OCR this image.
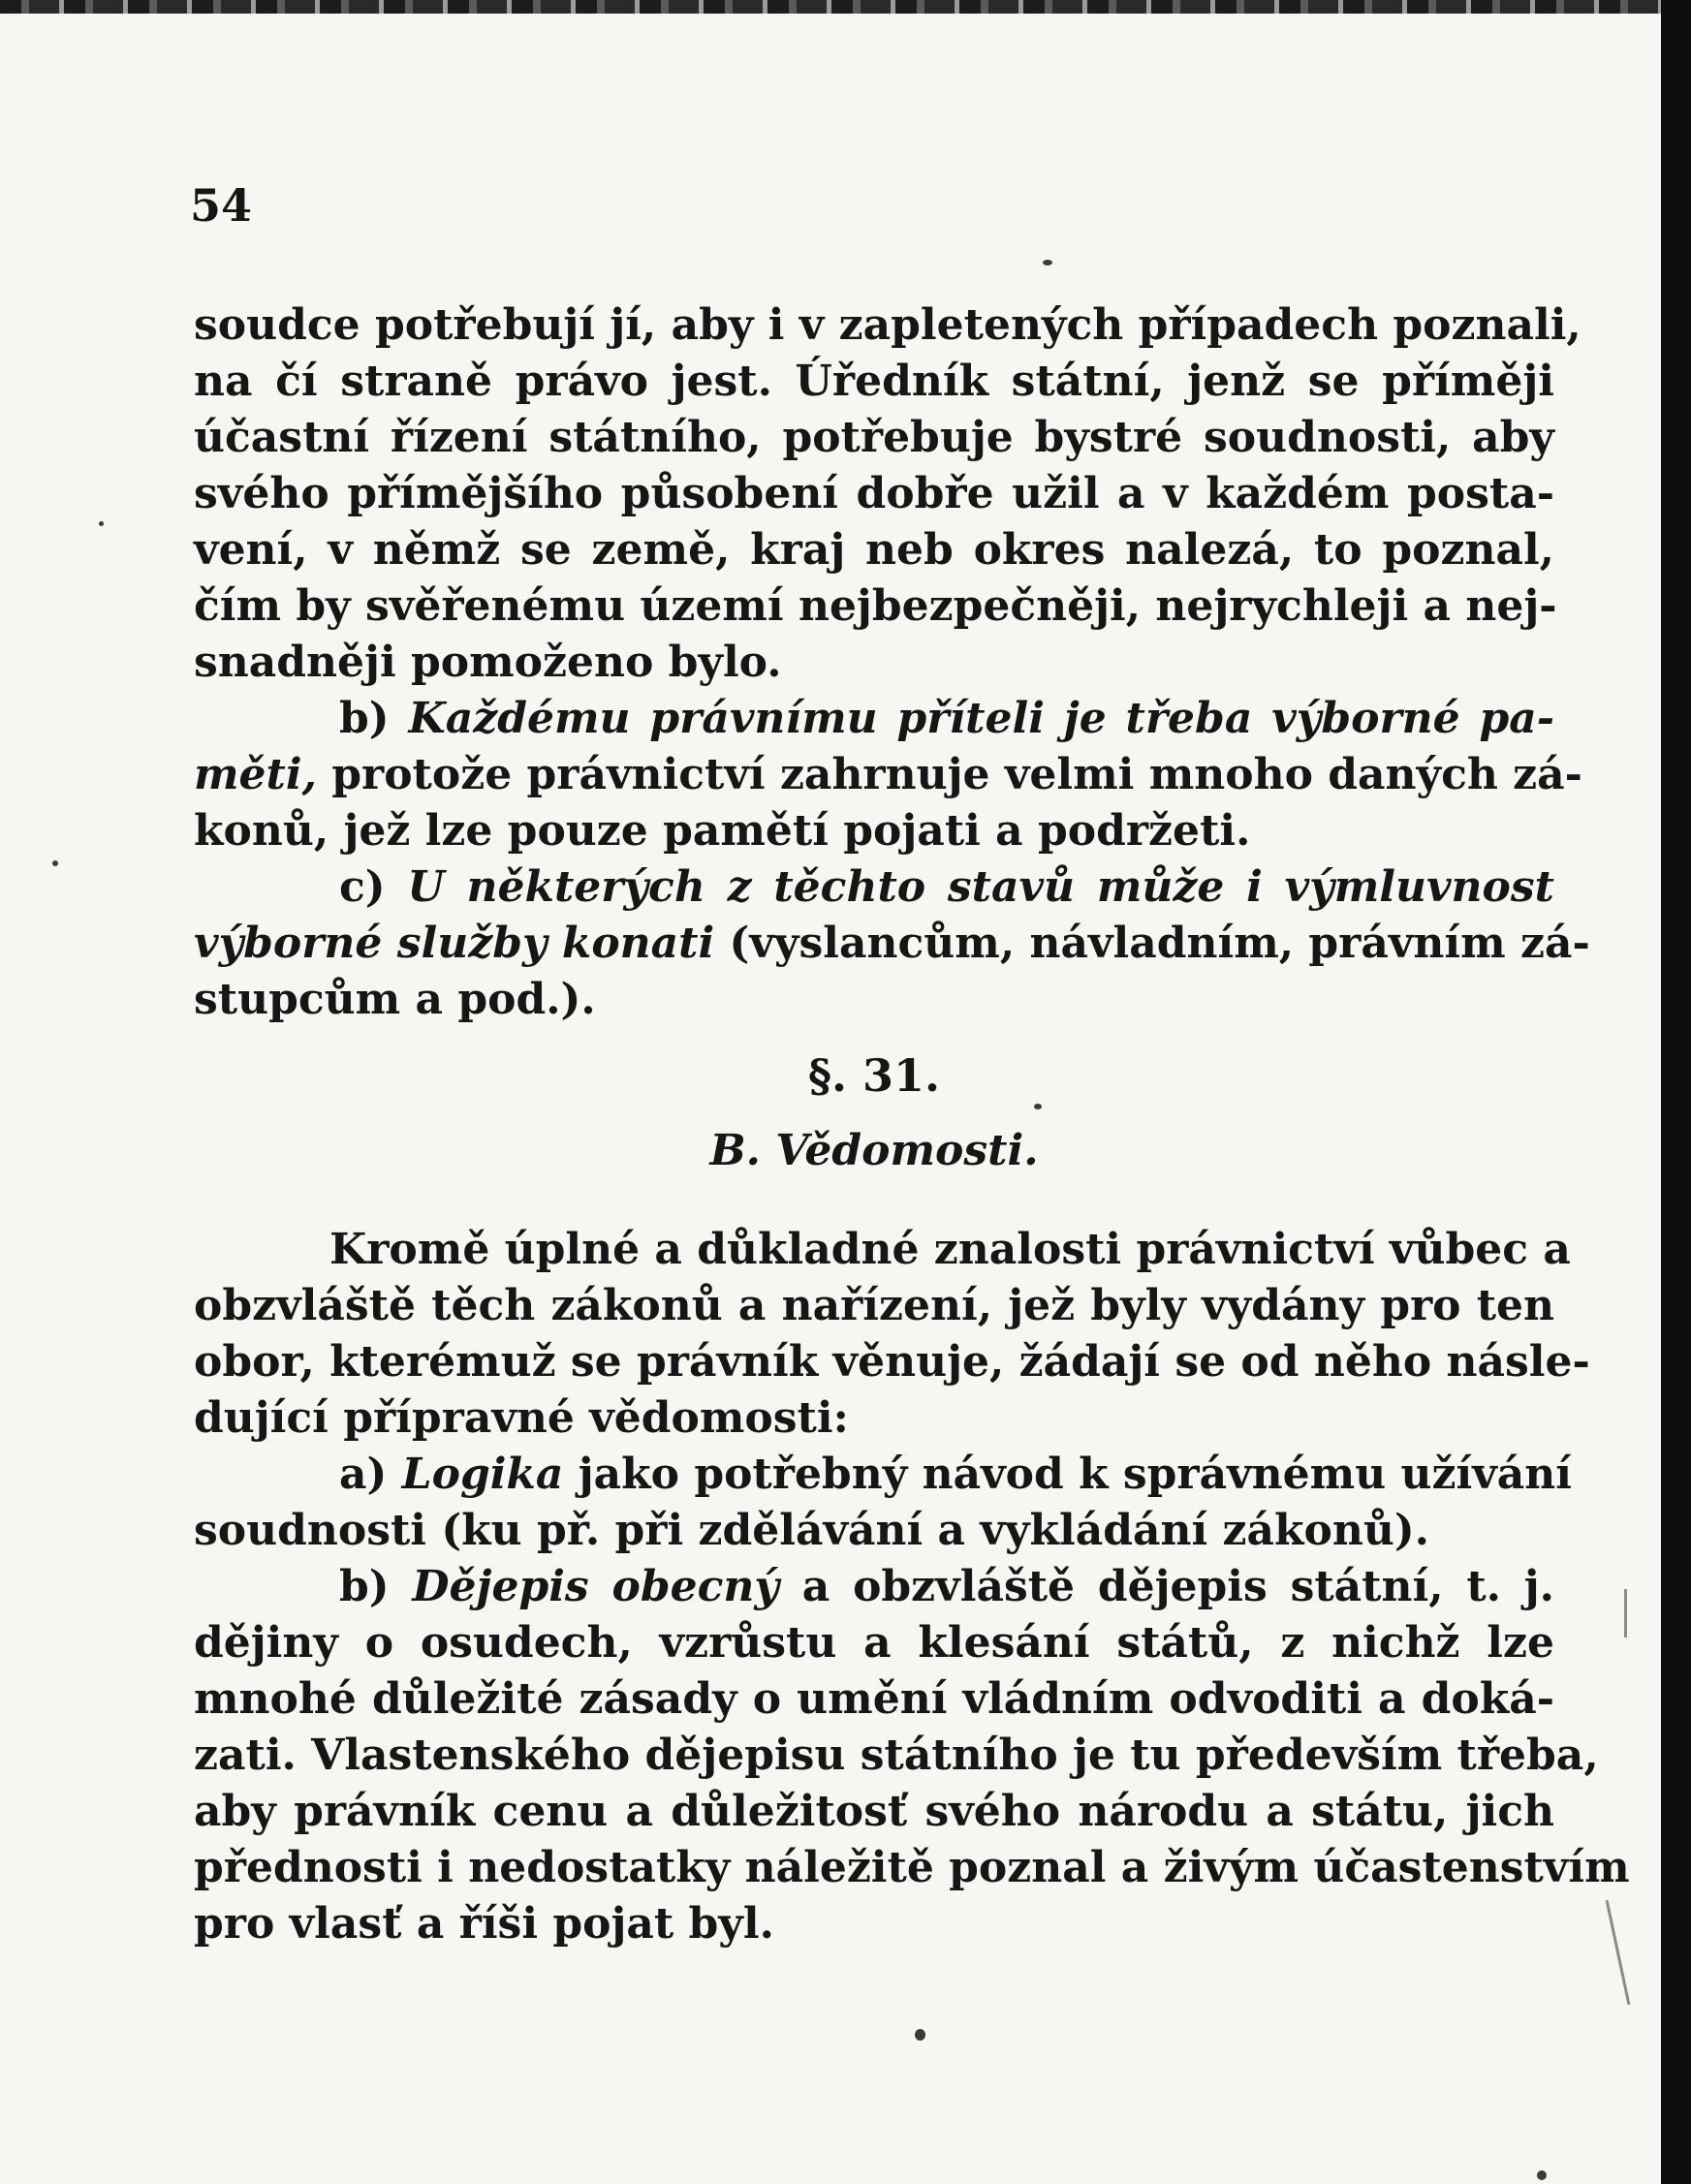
54
soudce potřebují jí, aby i v zapletených případech poznali,
na čí straně právo jest. Úředník státní, jenž se příměji
účastní řízení státního, potřebuje bystré soudnosti, aby
svého přímějšího působení dobře užil a v každém posta-
vení, v němž se země, kraj neb okres nalezá, to poznal,
čím by svěřenému území nejbezpečněji, nejrychleji a nej-
snadněji pomoženo bylo.
b) Každému právnímu příteli je třeba výborné pa-
měti, protože právnictví zahrnuje velmi mnoho daných zá-
konů, jež lze pouze pamětí pojati a podržeti.
c) U některých z těchto stavů může i výmluvnost
výborné služby konati (vyslancům, návladním, právním zá-
stupcům a pod.).
§. 31.
B. Vědomosti.
Kromě úplné a důkladné znalosti právnictví vůbec a
obzvláště těch zákonů a nařízení, jež byly vydány pro ten
obor, kterémuž se právník věnuje, žádají se od něho násle-
dující přípravné vědomosti:
a) Logika jako potřebný návod k správnému užívání
soudnosti (ku př. při zdělávání a vykládání zákonů).
b) Dějepis obecný a obzvláště dějepis státní, t. j.
dějiny o osudech, vzrůstu a klesání států, z nichž lze
mnohé důležité zásady o umění vládním odvoditi a doká-
zati. Vlastenského dějepisu státního je tu především třeba,
aby právník cenu a důležitosť svého národu a státu, jich
přednosti i nedostatky náležitě poznal a živým účastenstvím
pro vlasť a říši pojat byl.
